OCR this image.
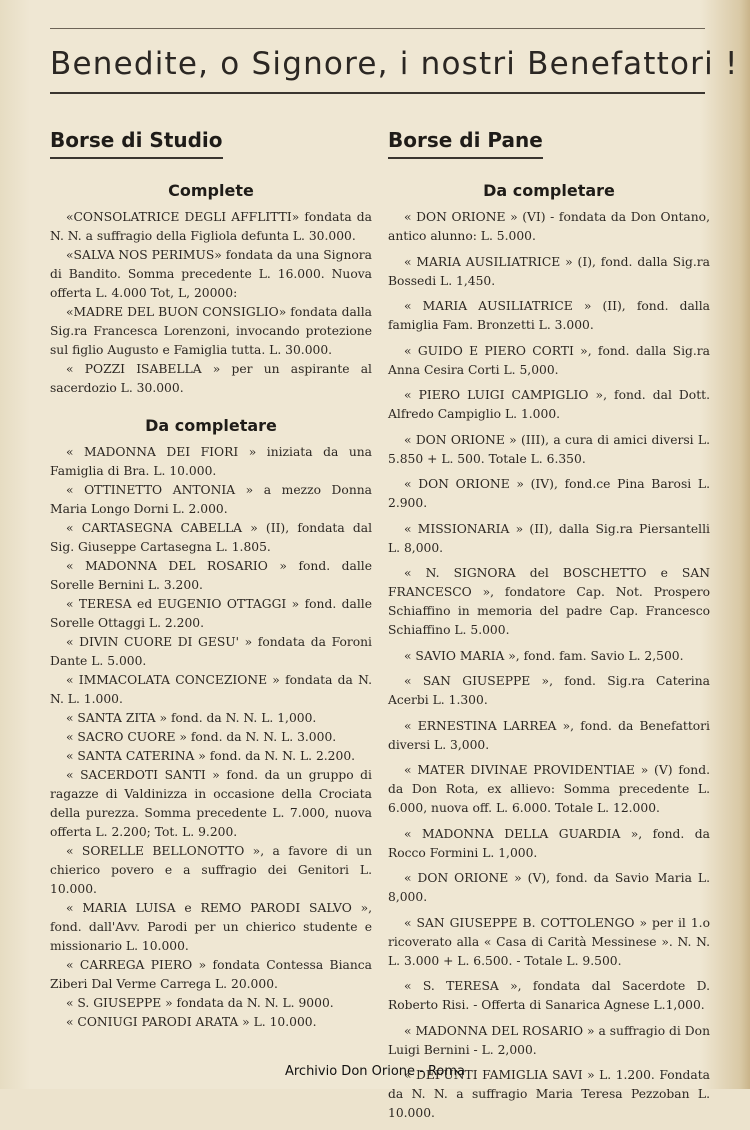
Benedite, o Signore, i nostri Benefattori !
Borse di Studio
Complete

«CONSOLATRICE DEGLI AFFLITTI» fondata da N. N. a suffragio della Figliola defunta L. 30.000.

«SALVA NOS PERIMUS» fondata da una Signora di Bandito. Somma precedente L. 16.000. Nuova offerta L. 4.000 Tot, L, 20000:

«MADRE DEL BUON CONSIGLIO» fondata dalla Sig.ra Francesca Lorenzoni, invocando protezione sul figlio Augusto e Famiglia tutta. L. 30.000.

« POZZI ISABELLA » per un aspirante al sacerdozio L. 30.000.

Da completare

« MADONNA DEI FIORI » iniziata da una Famiglia di Bra. L. 10.000.

« OTTINETTO ANTONIA » a mezzo Donna Maria Longo Dorni L. 2.000.

« CARTASEGNA CABELLA » (II), fondata dal Sig. Giuseppe Cartasegna L. 1.805.

« MADONNA DEL ROSARIO » fond. dalle Sorelle Bernini L. 3.200.

« TERESA ed EUGENIO OTTAGGI » fond. dalle Sorelle Ottaggi L. 2.200.

« DIVIN CUORE DI GESU' » fondata da Foroni Dante L. 5.000.

« IMMACOLATA CONCEZIONE » fondata da N. N. L. 1.000.

« SANTA ZITA » fond. da N. N. L. 1,000.

« SACRO CUORE » fond. da N. N. L. 3.000.

« SANTA CATERINA » fond. da N. N. L. 2.200.

« SACERDOTI SANTI » fond. da un gruppo di ragazze di Valdinizza in occasione della Crociata della purezza. Somma precedente L. 7.000, nuova offerta L. 2.200; Tot. L. 9.200.

« SORELLE BELLONOTTO », a favore di un chierico povero e a suffragio dei Genitori L. 10.000.

« MARIA LUISA e REMO PARODI SALVO », fond. dall'Avv. Parodi per un chierico studente e missionario L. 10.000.

« CARREGA PIERO » fondata Contessa Bianca Ziberi Dal Verme Carrega L. 20.000.

« S. GIUSEPPE » fondata da N. N. L. 9000.

« CONIUGI PARODI ARATA » L. 10.000.

Borse di Pane
Da completare

« DON ORIONE » (VI) - fondata da Don Ontano, antico alunno: L. 5.000.

« MARIA AUSILIATRICE » (I), fond. dalla Sig.ra Bossedi L. 1,450.

« MARIA AUSILIATRICE » (II), fond. dalla famiglia Fam. Bronzetti L. 3.000.

« GUIDO E PIERO CORTI », fond. dalla Sig.ra Anna Cesira Corti L. 5,000.

« PIERO LUIGI CAMPIGLIO », fond. dal Dott. Alfredo Campiglio L. 1.000.

« DON ORIONE » (III), a cura di amici diversi L. 5.850 + L. 500. Totale L. 6.350.

« DON ORIONE » (IV), fond.ce Pina Barosi L. 2.900.

« MISSIONARIA » (II), dalla Sig.ra Piersantelli L. 8,000.

« N. SIGNORA del BOSCHETTO e SAN FRANCESCO », fondatore Cap. Not. Prospero Schiaffino in memoria del padre Cap. Francesco Schiaffino L. 5.000.

« SAVIO MARIA », fond. fam. Savio L. 2,500.

« SAN GIUSEPPE », fond. Sig.ra Caterina Acerbi L. 1.300.

« ERNESTINA LARREA », fond. da Benefattori diversi L. 3,000.

« MATER DIVINAE PROVIDENTIAE » (V) fond. da Don Rota, ex allievo: Somma precedente L. 6.000, nuova off. L. 6.000. Totale L. 12.000.

« MADONNA DELLA GUARDIA », fond. da Rocco Formini L. 1,000.

« DON ORIONE » (V), fond. da Savio Maria L. 8,000.

« SAN GIUSEPPE B. COTTOLENGO » per il 1.o ricoverato alla « Casa di Carità Messinese ». N. N. L. 3.000 + L. 6.500. - Totale L. 9.500.

« S. TERESA », fondata dal Sacerdote D. Roberto Risi. - Offerta di Sanarica Agnese L.1,000.

« MADONNA DEL ROSARIO » a suffragio di Don Luigi Bernini - L. 2,000.

« DEFUNTI FAMIGLIA SAVI » L. 1.200. Fondata da N. N. a suffragio Maria Teresa Pezzoban L. 10.000.

Archivio Don Orione - Roma
